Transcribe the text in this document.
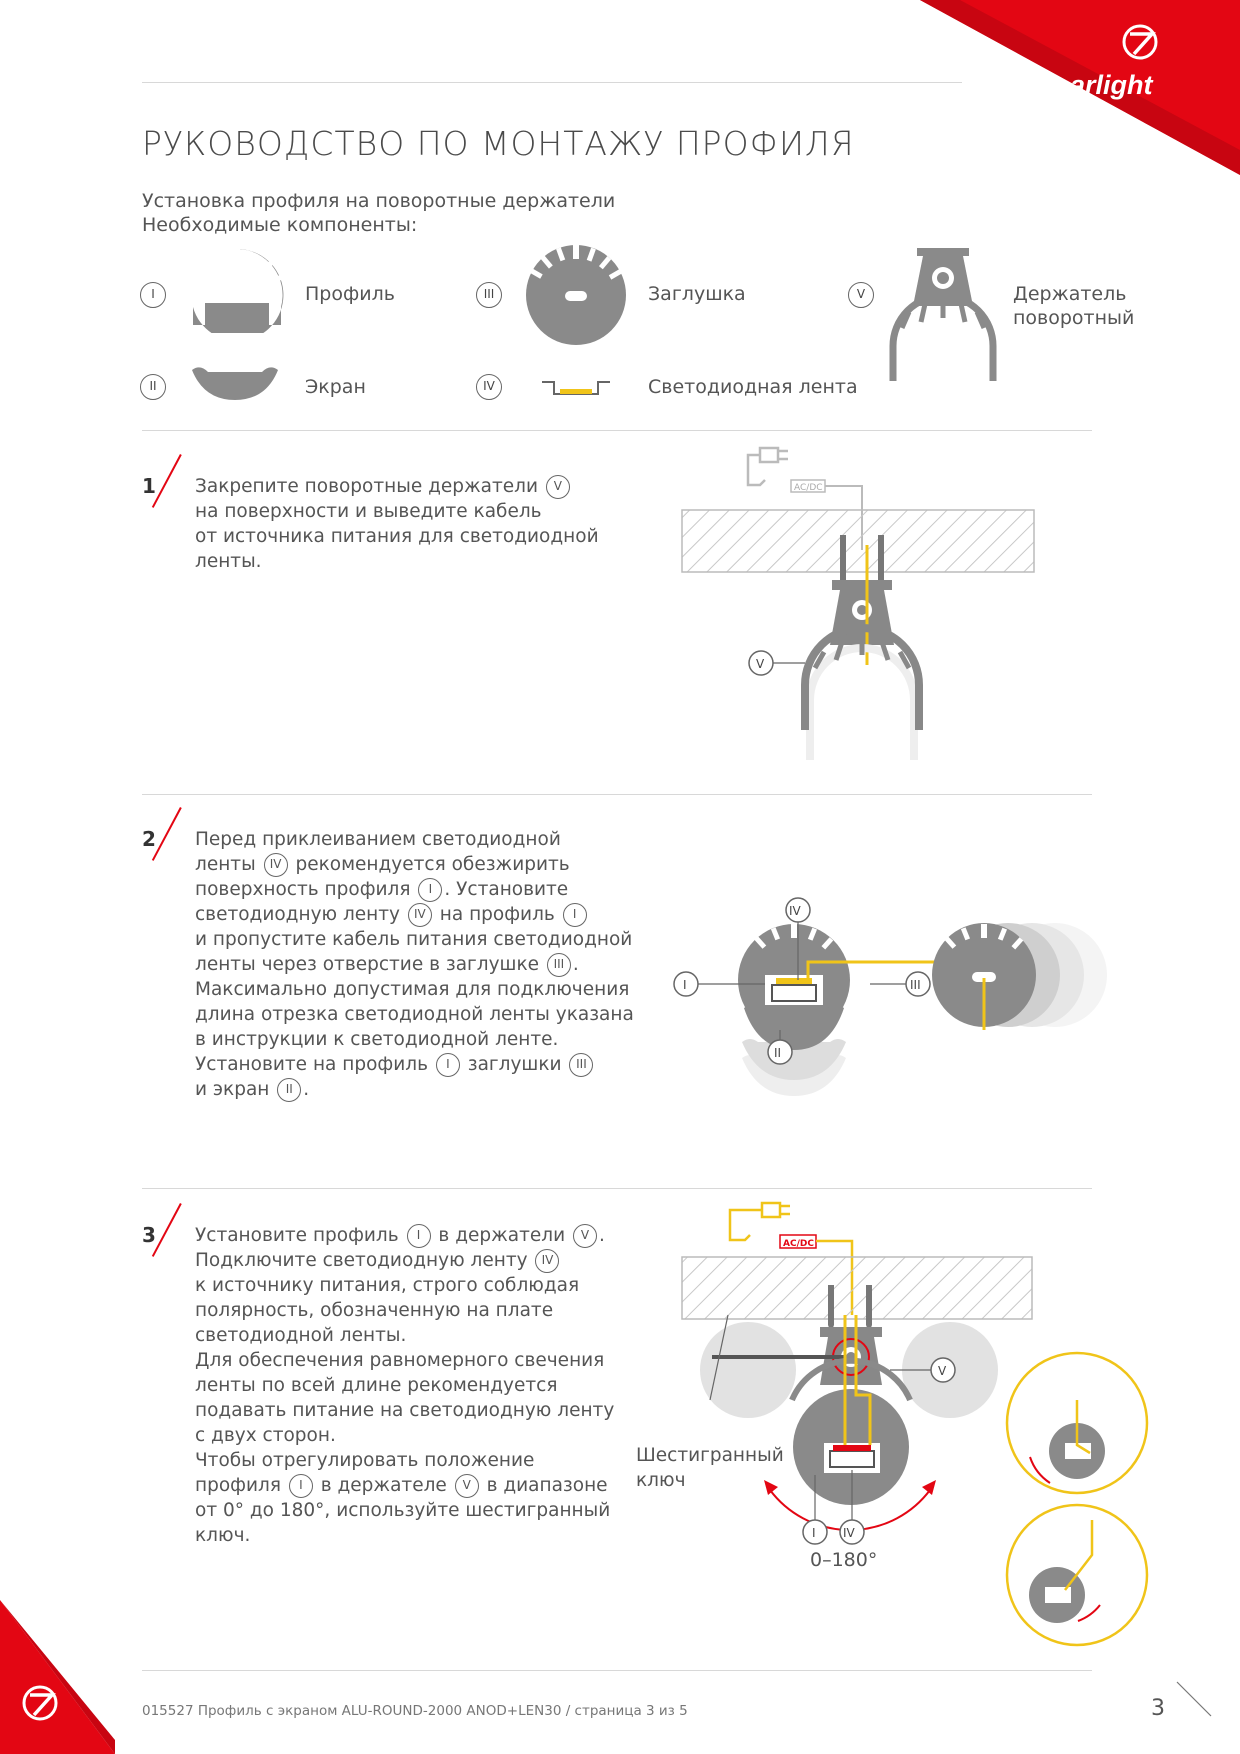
arlight
РУКОВОДСТВО ПО МОНТАЖУ ПРОФИЛЯ
Установка профиля на поворотные держатели
Необходимые компоненты:
I	Профиль
II	Экран
III	Заглушка
IV	Светодиодная лента
V	Держатель
поворотный
1 Закрепите поворотные держатели V
на поверхности и выведите кабель
от источника питания для светодиодной
ленты.
AC/DC
V
2 Перед приклеиванием светодиодной
ленты IV рекомендуется обезжирить
поверхность профиля I . Установите
светодиодную ленту IV на профиль I
и пропустите кабель питания светодиодной
ленты через отверстие в заглушке III .
Максимально допустимая для подключения
длина отрезка светодиодной ленты указана
в инструкции к светодиодной ленте.
Установите на профиль I заглушки III
и экран II .
IV
I	III
II
3 Установите профиль I в держатели V .
Подключите светодиодную ленту IV
к источнику питания, строго соблюдая
полярность, обозначенную на плате
светодиодной ленты.
Для обеспечения равномерного свечения
ленты по всей длине рекомендуется
подавать питание на светодиодную ленту
с двух сторон.
Чтобы отрегулировать положение
профиля I в держателе V в диапазоне
от 0° до 180°, используйте шестигранный
ключ.
AC/DC
0–180°
V
I IV
Шестигранный
ключ
015527 Профиль с экраном ALU-ROUND-2000 ANOD+LEN30 / страница 3 из 5	3
